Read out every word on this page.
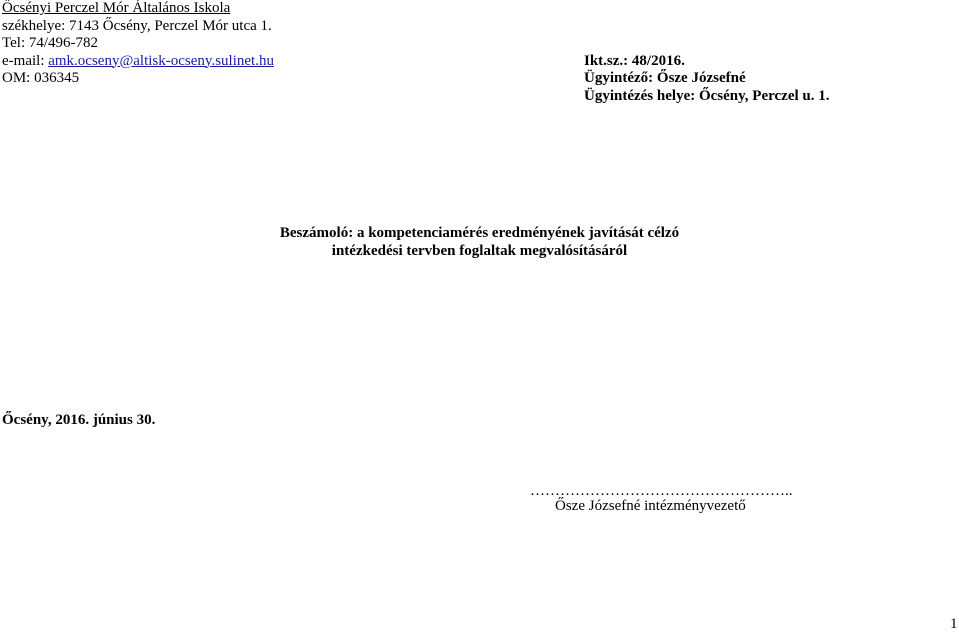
Őcsényi Perczel Mór Általános Iskola
székhelye: 7143 Őcsény, Perczel Mór utca 1.
Tel: 74/496-782
e-mail: amk.ocseny@altisk-ocseny.sulinet.hu
OM: 036345
Ikt.sz.: 48/2016.
Ügyintéző: Ősze Józsefné
Ügyintézés helye: Őcsény, Perczel u. 1.
Beszámoló: a kompetenciamérés eredményének javítását célzó
intézkedési tervben foglaltak megvalósításáról
Őcsény, 2016. június 30.
……………………………………………..
Ősze Józsefné intézményvezető
1
